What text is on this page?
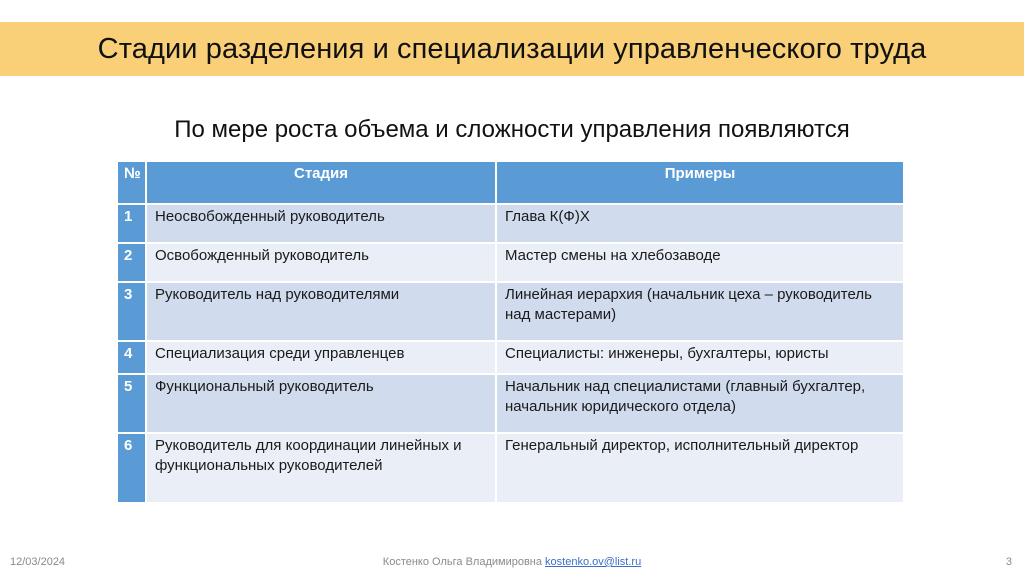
Стадии разделения и специализации управленческого труда
По мере роста объема и сложности управления появляются
№	Стадия	Примеры
1	Неосвобожденный руководитель	Глава К(Ф)Х
2	Освобожденный руководитель	Мастер смены на хлебозаводе
3	Руководитель над руководителями	Линейная иерархия (начальник цеха – руководитель над мастерами)
4	Специализация среди управленцев	Специалисты: инженеры, бухгалтеры, юристы
5	Функциональный руководитель	Начальник над специалистами (главный бухгалтер, начальник юридического отдела)
6	Руководитель для координации линейных и функциональных руководителей	Генеральный директор, исполнительный директор
12/03/2024	Костенко Ольга Владимировна kostenko.ov@list.ru	3
